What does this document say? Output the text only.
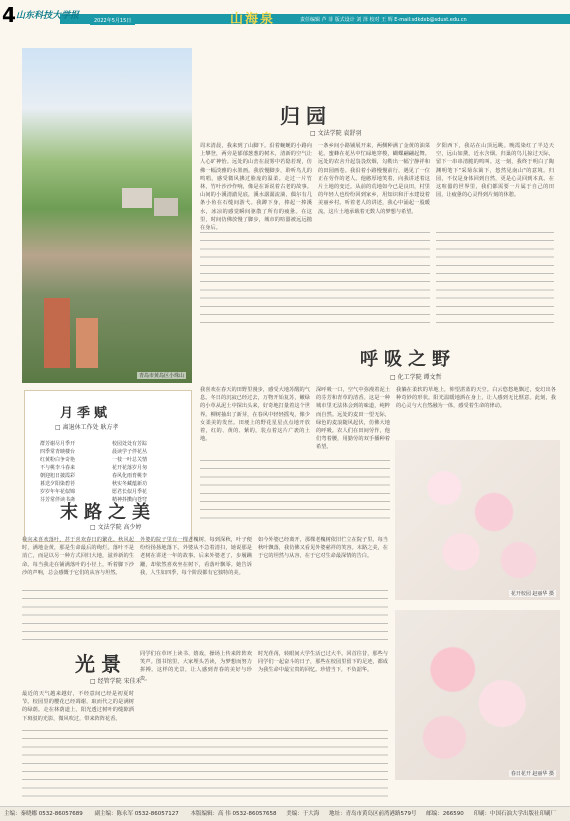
4 山东科技大学报	2022年5月15日	山海泉	责任编辑 芦 菲 版式设计 刘 泽 校对 王 辉 E-mail:sdkdxb@sdust.edu.cn
青岛市黄岛区小珠山
归园
□ 文法学院 袁舒羽
周末清晨，我来到了山脚下。沿着蜿蜒的小路向上攀登，两旁是郁郁葱葱的树木，清新的空气让人心旷神怡。远处的山峦在晨雾中若隐若现，仿佛一幅淡雅的水墨画。我放慢脚步，聆听鸟儿的鸣唱，感受微风拂过脸庞的温柔。走过一片竹林，竹叶沙沙作响，像是在诉说着古老的故事。山间的小溪清澈见底，溪水潺潺流淌，偶尔有几条小鱼在石缝间游弋。我蹲下身，捧起一捧溪水，冰凉的感觉瞬间驱散了所有的疲惫。在这里，时间仿佛放慢了脚步，城市的喧嚣被远远抛在身后。
一条乡间小路铺展开来，两侧种满了金黄的油菜花。蜜蜂在花丛中忙碌地穿梭，蝴蝶翩翩起舞。远处的农舍升起袅袅炊烟，勾勒出一幅宁静祥和的田园画卷。我沿着小路慢慢前行，遇见了一位正在劳作的老人。他憨厚地笑着，向我讲述着这片土地的变迁。从前的荒地如今已是良田，村里的年轻人也纷纷回到家乡，用知识和汗水建设着美丽乡村。听着老人的讲述，我心中涌起一股暖流。这片土地承载着无数人的梦想与希望。
夕阳西下，我站在山顶远眺。晚霞染红了半边天空，远山如黛，近水含烟。归巢的鸟儿掠过天际，留下一串串清脆的鸣叫。这一刻，我终于明白了陶渊明笔下"采菊东篱下，悠然见南山"的意境。归园，不仅是身体回到自然，更是心灵回到本真。在这喧嚣的世界里，我们都需要一片属于自己的田园，让疲惫的心灵得到片刻的休憩。
呼吸之野
□ 化工学院 谭文哲
我喜欢在春天的田野里漫步，感受大地苏醒的气息。冬日的沉寂已经过去，万物开始复苏，嫩绿的小草从泥土中探出头来，好奇地打量着这个世界。柳树抽出了新芽，在春风中轻轻摇曳，像少女柔美的发丝。田埂上的野花星星点点地开放着，红的、黄的、紫的，装点着这片广袤的土地。
深呼吸一口，空气中弥漫着泥土的芬芳和青草的清香。这是一种城市里无法体会到的味道，纯粹而自然。远处的麦田一望无际，绿色的麦浪随风起伏，仿佛大地的呼吸。农人们在田间劳作，他们弯着腰，用勤劳的双手播种着希望。
我躺在柔软的草地上，仰望湛蓝的天空。白云悠悠地飘过，变幻出各种奇妙的形状。阳光温暖地洒在身上，让人感到无比惬意。此刻，我的心灵与大自然融为一体，感受着生命的律动。
月季赋
□ 离退休工作处 耿方孝
群芳谢尽月季开
四季常青映楼台
红黄粉白争奇艳
不与桃李斗春来
朝迎旭日披霞彩
暮送夕阳染碧苔
岁岁年年花似锦
芬芳常伴读书斋
校园处处有芳踪
晨读学子伴花丛
一枝一叶总关情
花开花落岁月匆
春风化雨育桃李
秋实冬藏蕴新功
愿君长似月季花
精神抖擞向苍穹
花开校园 赵丽华 摄
春日花开 赵丽华 摄
末路之美
□ 文法学院 高少婷
我向来喜欢落叶，甚于喜欢春日的繁花。秋风起时，满地金黄，那是生命最后的绚烂。落叶不是消亡，而是以另一种方式回归大地，滋养新的生命。每当我走在铺满落叶的小径上，听着脚下沙沙的声响，总会感慨于它们的从容与坦然。
外婆的院子里有一棵老槐树，每到深秋，叶子便纷纷扬扬地落下。外婆从不急着清扫，她说那是老树在讲述一年的故事。后来外婆老了，步履蹒跚，却依然喜欢坐在树下，看落叶飘零。她告诉我，人生如四季，每个阶段都有它独特的美。
如今外婆已经离开，那棵老槐树依旧伫立在院子里。每当秋叶飘落，我仿佛又看见外婆慈祥的笑容。末路之美，在于它的坦然与从容，在于它对生命最深情的告白。
光景
□ 经管学院 宋佳禾
最近的天气越来越好，不经意间已经是初夏时节。校园里的樱花已经凋谢，取而代之的是满树的绿荫。走在林荫道上，阳光透过树叶的缝隙洒下斑驳的光影，微风吹过，带来阵阵花香。
同学们在草坪上读书、嬉戏，操场上传来阵阵欢笑声。图书馆里，大家埋头苦读，为梦想而努力拼搏。这样的光景，让人感到青春的美好与珍贵。
时光荏苒，转眼间大学生活已过大半。回首往昔，那些与同学们一起奋斗的日子，那些在校园里留下的足迹，都成为我生命中最宝贵的回忆。珍惜当下，不负韶华。
主编：秦晓娜 0532-86057689 副主编：陈永军 0532-86057127 本版编辑：高 伟 0532-86057658 美编：于大海 地址：青岛市黄岛区前湾港路579号 邮编：266590 印刷：中国石油大学出版社印刷厂
